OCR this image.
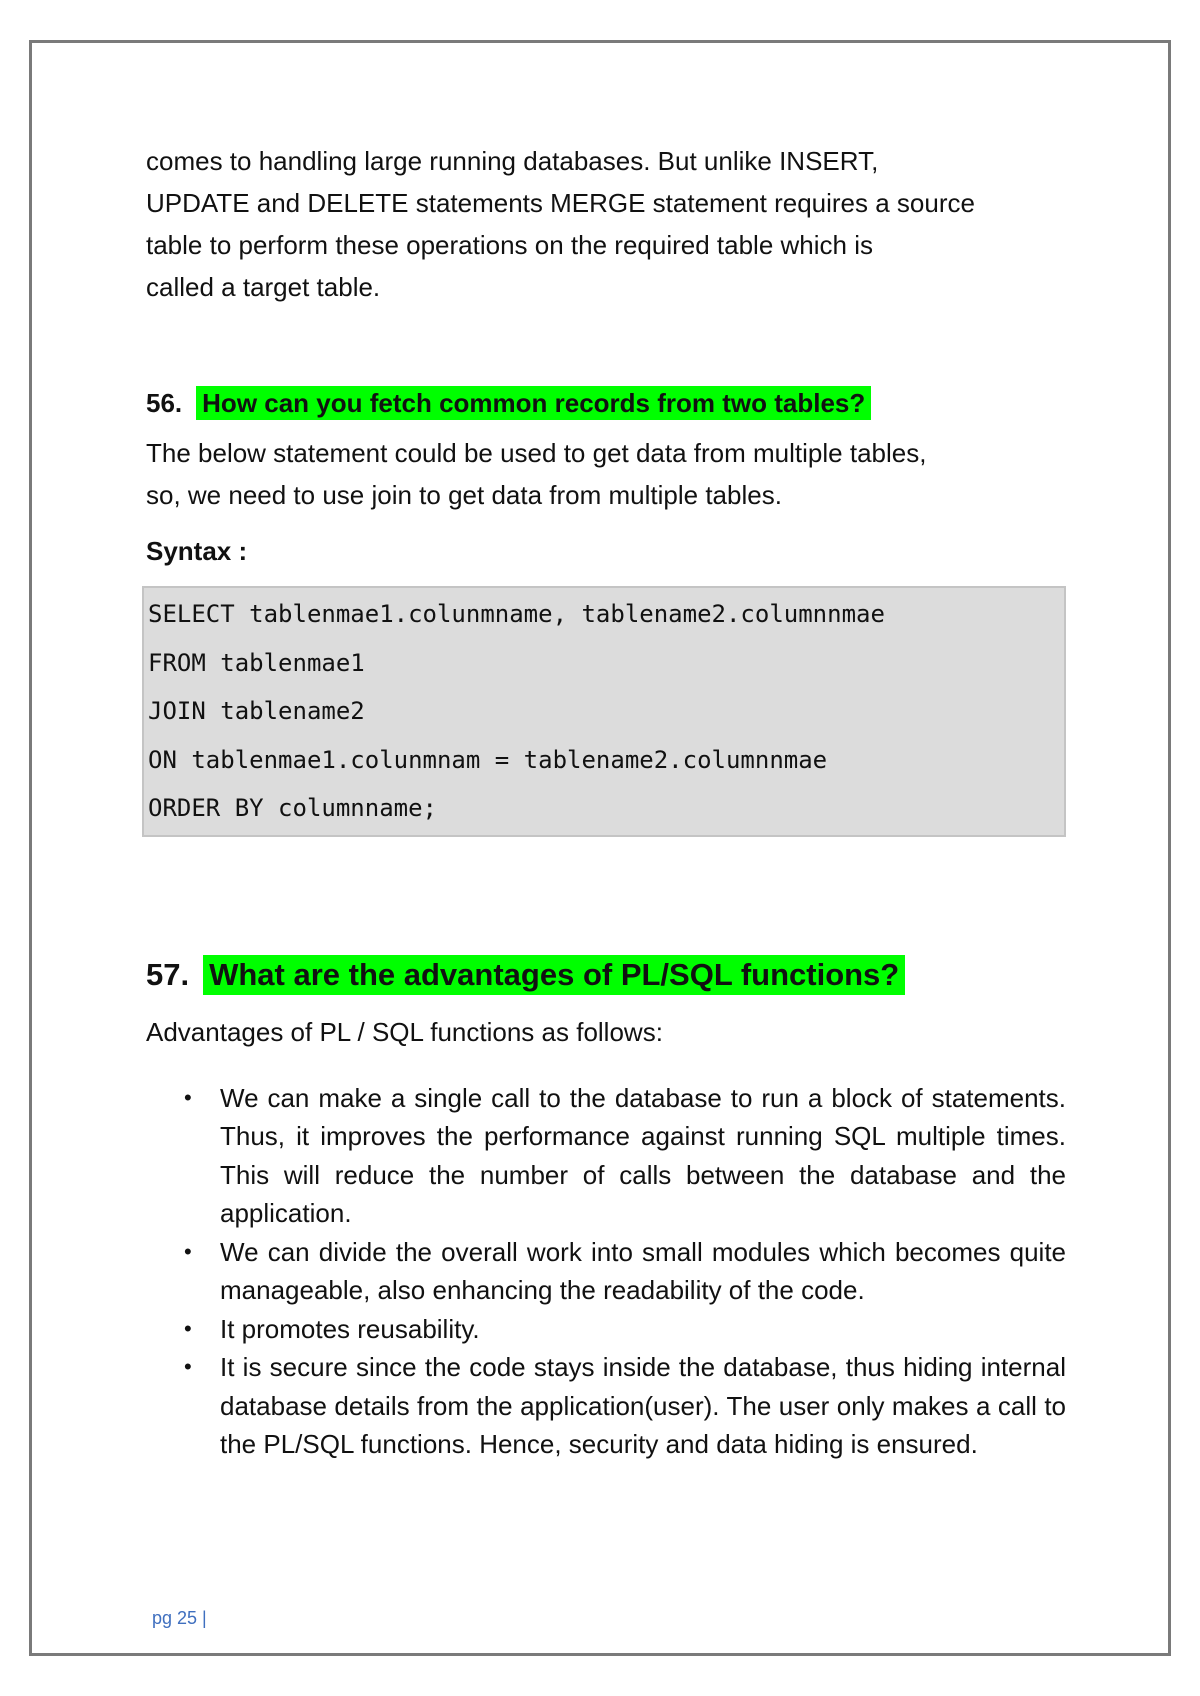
comes to handling large running databases. But unlike INSERT,

UPDATE and DELETE statements MERGE statement requires a source

table to perform these operations on the required table which is

called a target table.

56. How can you fetch common records from two tables?

The below statement could be used to get data from multiple tables,

so, we need to use join to get data from multiple tables.

Syntax :

SELECT tablenmae1.colunmname, tablename2.columnnmae
FROM tablenmae1
JOIN tablename2
ON tablenmae1.colunmnam = tablename2.columnnmae
ORDER BY columnname;
57. What are the advantages of PL/SQL functions?

Advantages of PL / SQL functions as follows:

• We can make a single call to the database to run a block of statements. Thus, it improves the performance against running SQL multiple times. This will reduce the number of calls between the database and the application.
• We can divide the overall work into small modules which becomes quite manageable, also enhancing the readability of the code.
• It promotes reusability.
• It is secure since the code stays inside the database, thus hiding internal database details from the application(user). The user only makes a call to the PL/SQL functions. Hence, security and data hiding is ensured.
pg 25 |
